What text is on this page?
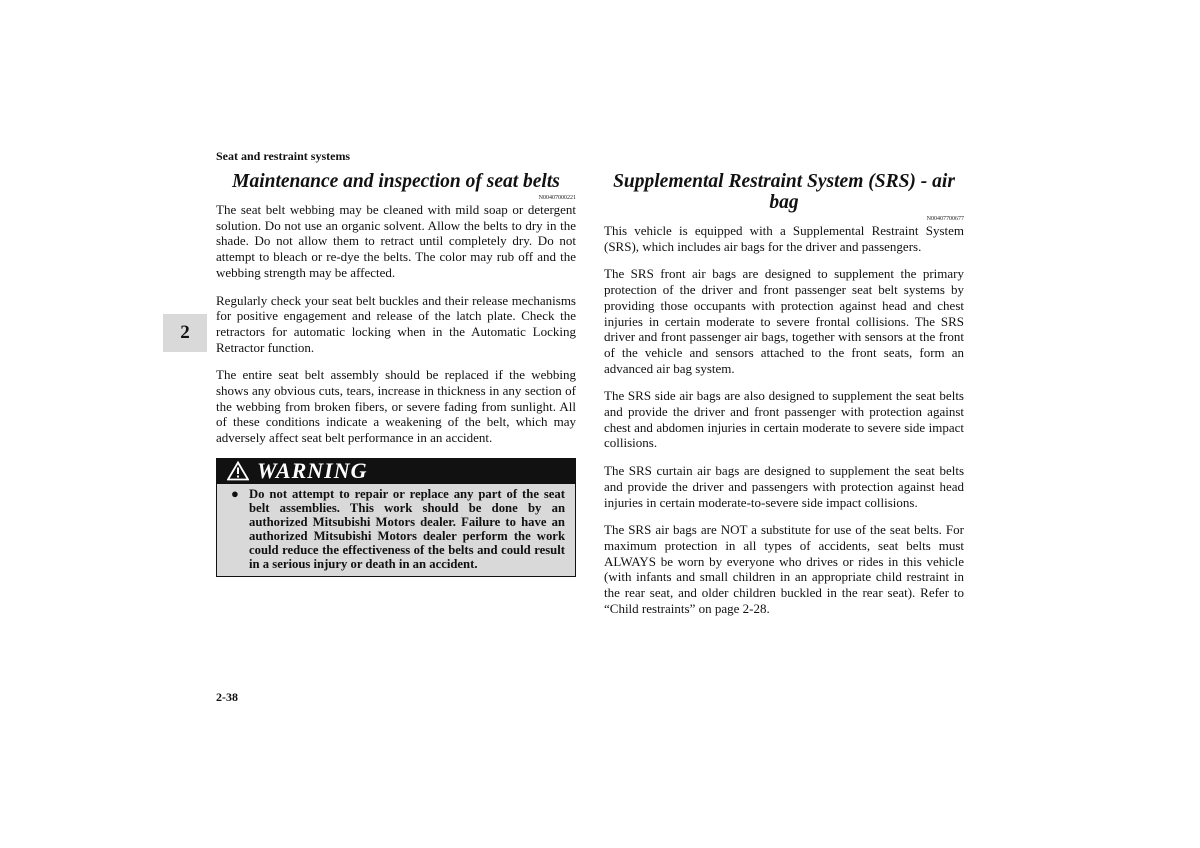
Seat and restraint systems
2
Maintenance and inspection of seat belts
N00407000221

The seat belt webbing may be cleaned with mild soap or detergent solution. Do not use an organic solvent. Allow the belts to dry in the shade. Do not allow them to retract until completely dry. Do not attempt to bleach or re-dye the belts. The color may rub off and the webbing strength may be affected.

Regularly check your seat belt buckles and their release mechanisms for positive engagement and release of the latch plate. Check the retractors for automatic locking when in the Automatic Locking Retractor function.

The entire seat belt assembly should be replaced if the webbing shows any obvious cuts, tears, increase in thickness in any section of the webbing from broken fibers, or severe fading from sunlight. All of these conditions indicate a weakening of the belt, which may adversely affect seat belt performance in an accident.

WARNING
● Do not attempt to repair or replace any part of the seat belt assemblies. This work should be done by an authorized Mitsubishi Motors dealer. Failure to have an authorized Mitsubishi Motors dealer perform the work could reduce the effectiveness of the belts and could result in a serious injury or death in an accident.
Supplemental Restraint System (SRS) - air bag
N00407700677

This vehicle is equipped with a Supplemental Restraint System (SRS), which includes air bags for the driver and passengers.

The SRS front air bags are designed to supplement the primary protection of the driver and front passenger seat belt systems by providing those occupants with protection against head and chest injuries in certain moderate to severe frontal collisions. The SRS driver and front passenger air bags, together with sensors at the front of the vehicle and sensors attached to the front seats, form an advanced air bag system.

The SRS side air bags are also designed to supplement the seat belts and provide the driver and front passenger with protection against chest and abdomen injuries in certain moderate to severe side impact collisions.

The SRS curtain air bags are designed to supplement the seat belts and provide the driver and passengers with protection against head injuries in certain moderate-to-severe side impact collisions.

The SRS air bags are NOT a substitute for use of the seat belts. For maximum protection in all types of accidents, seat belts must ALWAYS be worn by everyone who drives or rides in this vehicle (with infants and small children in an appropriate child restraint in the rear seat, and older children buckled in the rear seat). Refer to “Child restraints” on page 2-28.

2-38
